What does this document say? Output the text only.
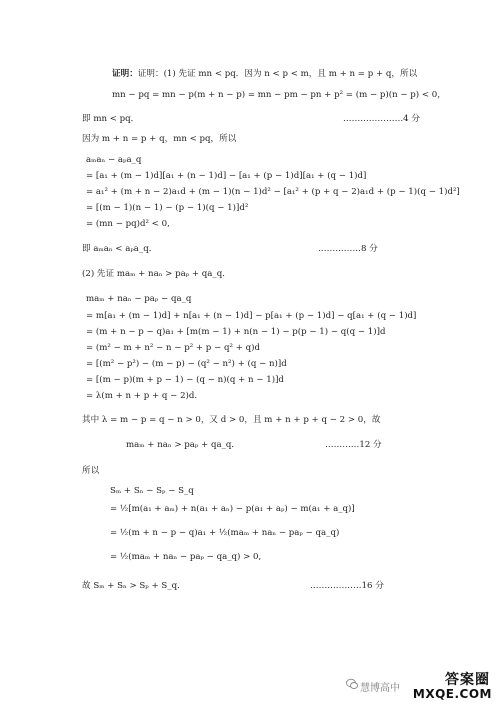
证明：证明：(1) 先证 mn < pq．因为 n < p < m，且 m + n = p + q，所以
mn − pq = mn − p(m + n − p) = mn − pm − pn + p² = (m − p)(n − p) < 0，
即 mn < pq．	…………………4 分
因为 m + n = p + q，mn < pq，所以
aₘaₙ − aₚa_q
= [a₁ + (m − 1)d][a₁ + (n − 1)d] − [a₁ + (p − 1)d][a₁ + (q − 1)d]
= a₁² + (m + n − 2)a₁d + (m − 1)(n − 1)d² − [a₁² + (p + q − 2)a₁d + (p − 1)(q − 1)d²]
= [(m − 1)(n − 1) − (p − 1)(q − 1)]d²
= (mn − pq)d² < 0,
即 aₘaₙ < aₚa_q．	……………8 分
(2) 先证 maₘ + naₙ > paₚ + qa_q．
maₘ + naₙ − paₚ − qa_q
= m[a₁ + (m − 1)d] + n[a₁ + (n − 1)d] − p[a₁ + (p − 1)d] − q[a₁ + (q − 1)d]
= (m + n − p − q)a₁ + [m(m − 1) + n(n − 1) − p(p − 1) − q(q − 1)]d
= (m² − m + n² − n − p² + p − q² + q)d
= [(m² − p²) − (m − p) − (q² − n²) + (q − n)]d
= [(m − p)(m + p − 1) − (q − n)(q + n − 1)]d
= λ(m + n + p + q − 2)d.
其中 λ = m − p = q − n > 0，又 d > 0，且 m + n + p + q − 2 > 0，故
maₘ + naₙ > paₚ + qa_q．	…………12 分
所以
Sₘ + Sₙ − Sₚ − S_q
= ½[m(a₁ + aₘ) + n(a₁ + aₙ) − p(a₁ + aₚ) − m(a₁ + a_q)]
= ½(m + n − p − q)a₁ + ½(maₘ + naₙ − paₚ − qa_q)
= ½(maₘ + naₙ − paₚ − qa_q) > 0,
故 Sₘ + Sₙ > Sₚ + S_q．	………………16 分
慧博高中
答案圈
MXQE.COM
